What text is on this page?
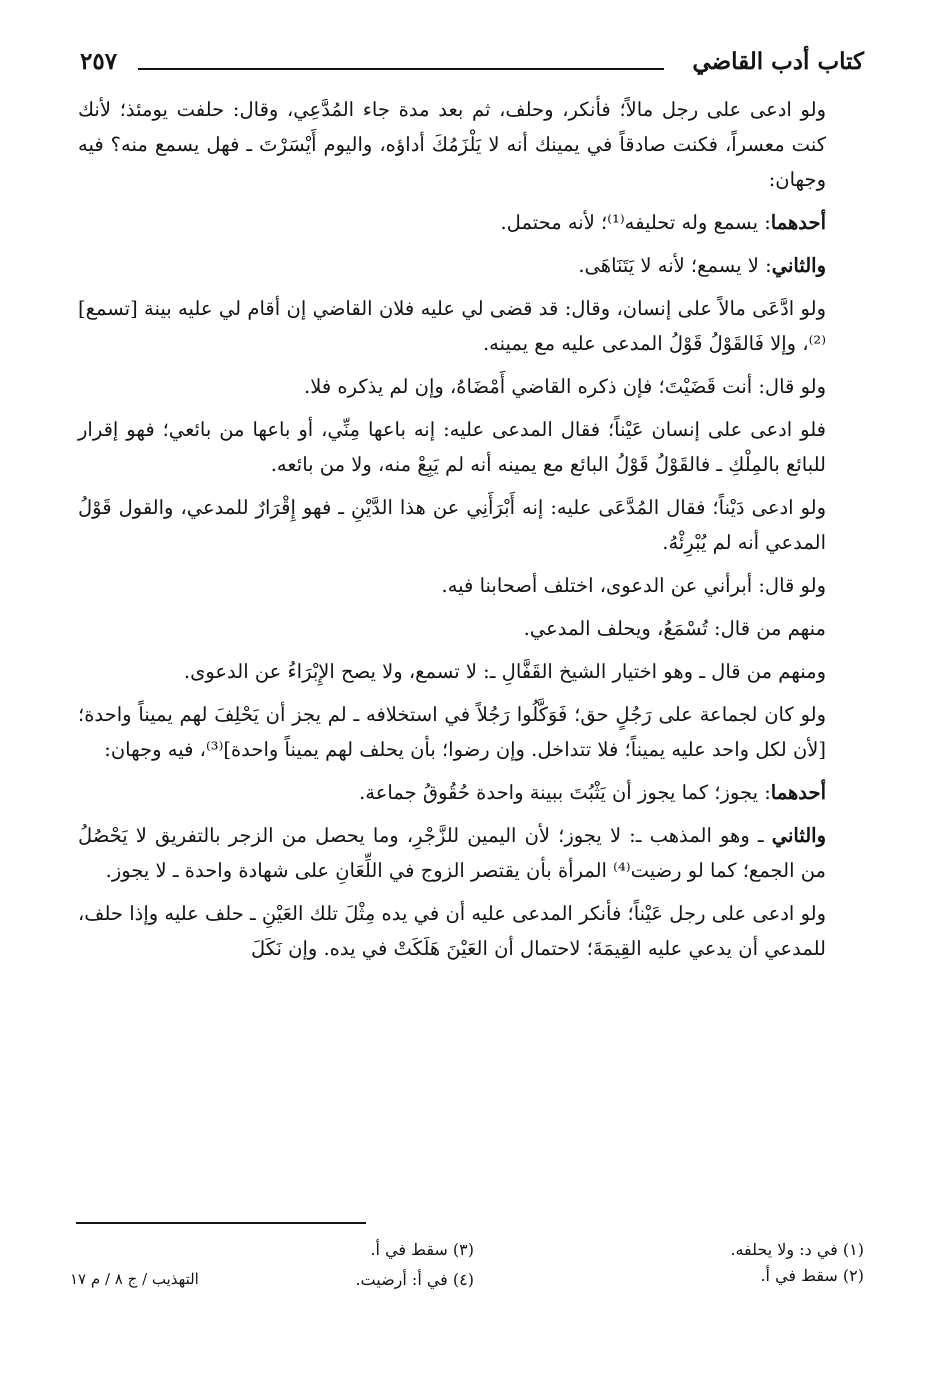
كتاب أدب القاضي
٢٥٧

ولو ادعى على رجل مالاً؛ فأنكر، وحلف، ثم بعد مدة جاء المُدَّعِي، وقال: حلفت يومئذ؛ لأنك كنت معسراً، فكنت صادقاً في يمينك أنه لا يَلْزَمُكَ أداؤه، واليوم أَيْسَرْتَ ـ فهل يسمع منه؟ فيه وجهان:

أحدهما: يسمع وله تحليفه⁽¹⁾؛ لأنه محتمل.

والثاني: لا يسمع؛ لأنه لا يَتَنَاهَى.

ولو ادَّعَى مالاً على إنسان، وقال: قد قضى لي عليه فلان القاضي إن أقام لي عليه بينة [تسمع]⁽²⁾، وإلا فَالقَوْلُ قَوْلُ المدعى عليه مع يمينه.

ولو قال: أنت قَضَيْتَ؛ فإن ذكره القاضي أَمْضَاهُ، وإن لم يذكره فلا.

فلو ادعى على إنسان عَيْناً؛ فقال المدعى عليه: إنه باعها مِنِّي، أو باعها من بائعي؛ فهو إقرار للبائع بالمِلْكِ ـ فالقَوْلُ قَوْلُ البائع مع يمينه أنه لم يَبِعْ منه، ولا من بائعه.

ولو ادعى دَيْناً؛ فقال المُدَّعَى عليه: إنه أَبْرَأَنِي عن هذا الدَّيْنِ ـ فهو إِقْرَارٌ للمدعي، والقول قَوْلُ المدعي أنه لم يُبْرِئْهُ.

ولو قال: أبرأني عن الدعوى، اختلف أصحابنا فيه.

منهم من قال: تُسْمَعُ، ويحلف المدعي.

ومنهم من قال ـ وهو اختيار الشيخ القَفَّالِ ـ: لا تسمع، ولا يصح الإِبْرَاءُ عن الدعوى.

ولو كان لجماعة على رَجُلٍ حق؛ فَوَكَّلُوا رَجُلاً في استخلافه ـ لم يجز أن يَحْلِفَ لهم يميناً واحدة؛ [لأن لكل واحد عليه يميناً؛ فلا تتداخل. وإن رضوا؛ بأن يحلف لهم يميناً واحدة]⁽³⁾، فيه وجهان:

أحدهما: يجوز؛ كما يجوز أن يَثْبُتَ ببينة واحدة حُقُوقُ جماعة.

والثاني ـ وهو المذهب ـ: لا يجوز؛ لأن اليمين للزَّجْرِ، وما يحصل من الزجر بالتفريق لا يَحْصُلُ من الجمع؛ كما لو رضيت⁽⁴⁾ المرأة بأن يقتصر الزوج في اللِّعَانِ على شهادة واحدة ـ لا يجوز.

ولو ادعى على رجل عَيْناً؛ فأنكر المدعى عليه أن في يده مِثْلَ تلك العَيْنِ ـ حلف عليه وإذا حلف، للمدعي أن يدعي عليه القِيمَةَ؛ لاحتمال أن العَيْنَ هَلَكَتْ في يده. وإن نَكَلَ

(١) في د: ولا يحلفه.
(٢) سقط في أ.
(٣) سقط في أ.
(٤) في أ: أرضيت.
التهذيب / ج ٨ / م ١٧
